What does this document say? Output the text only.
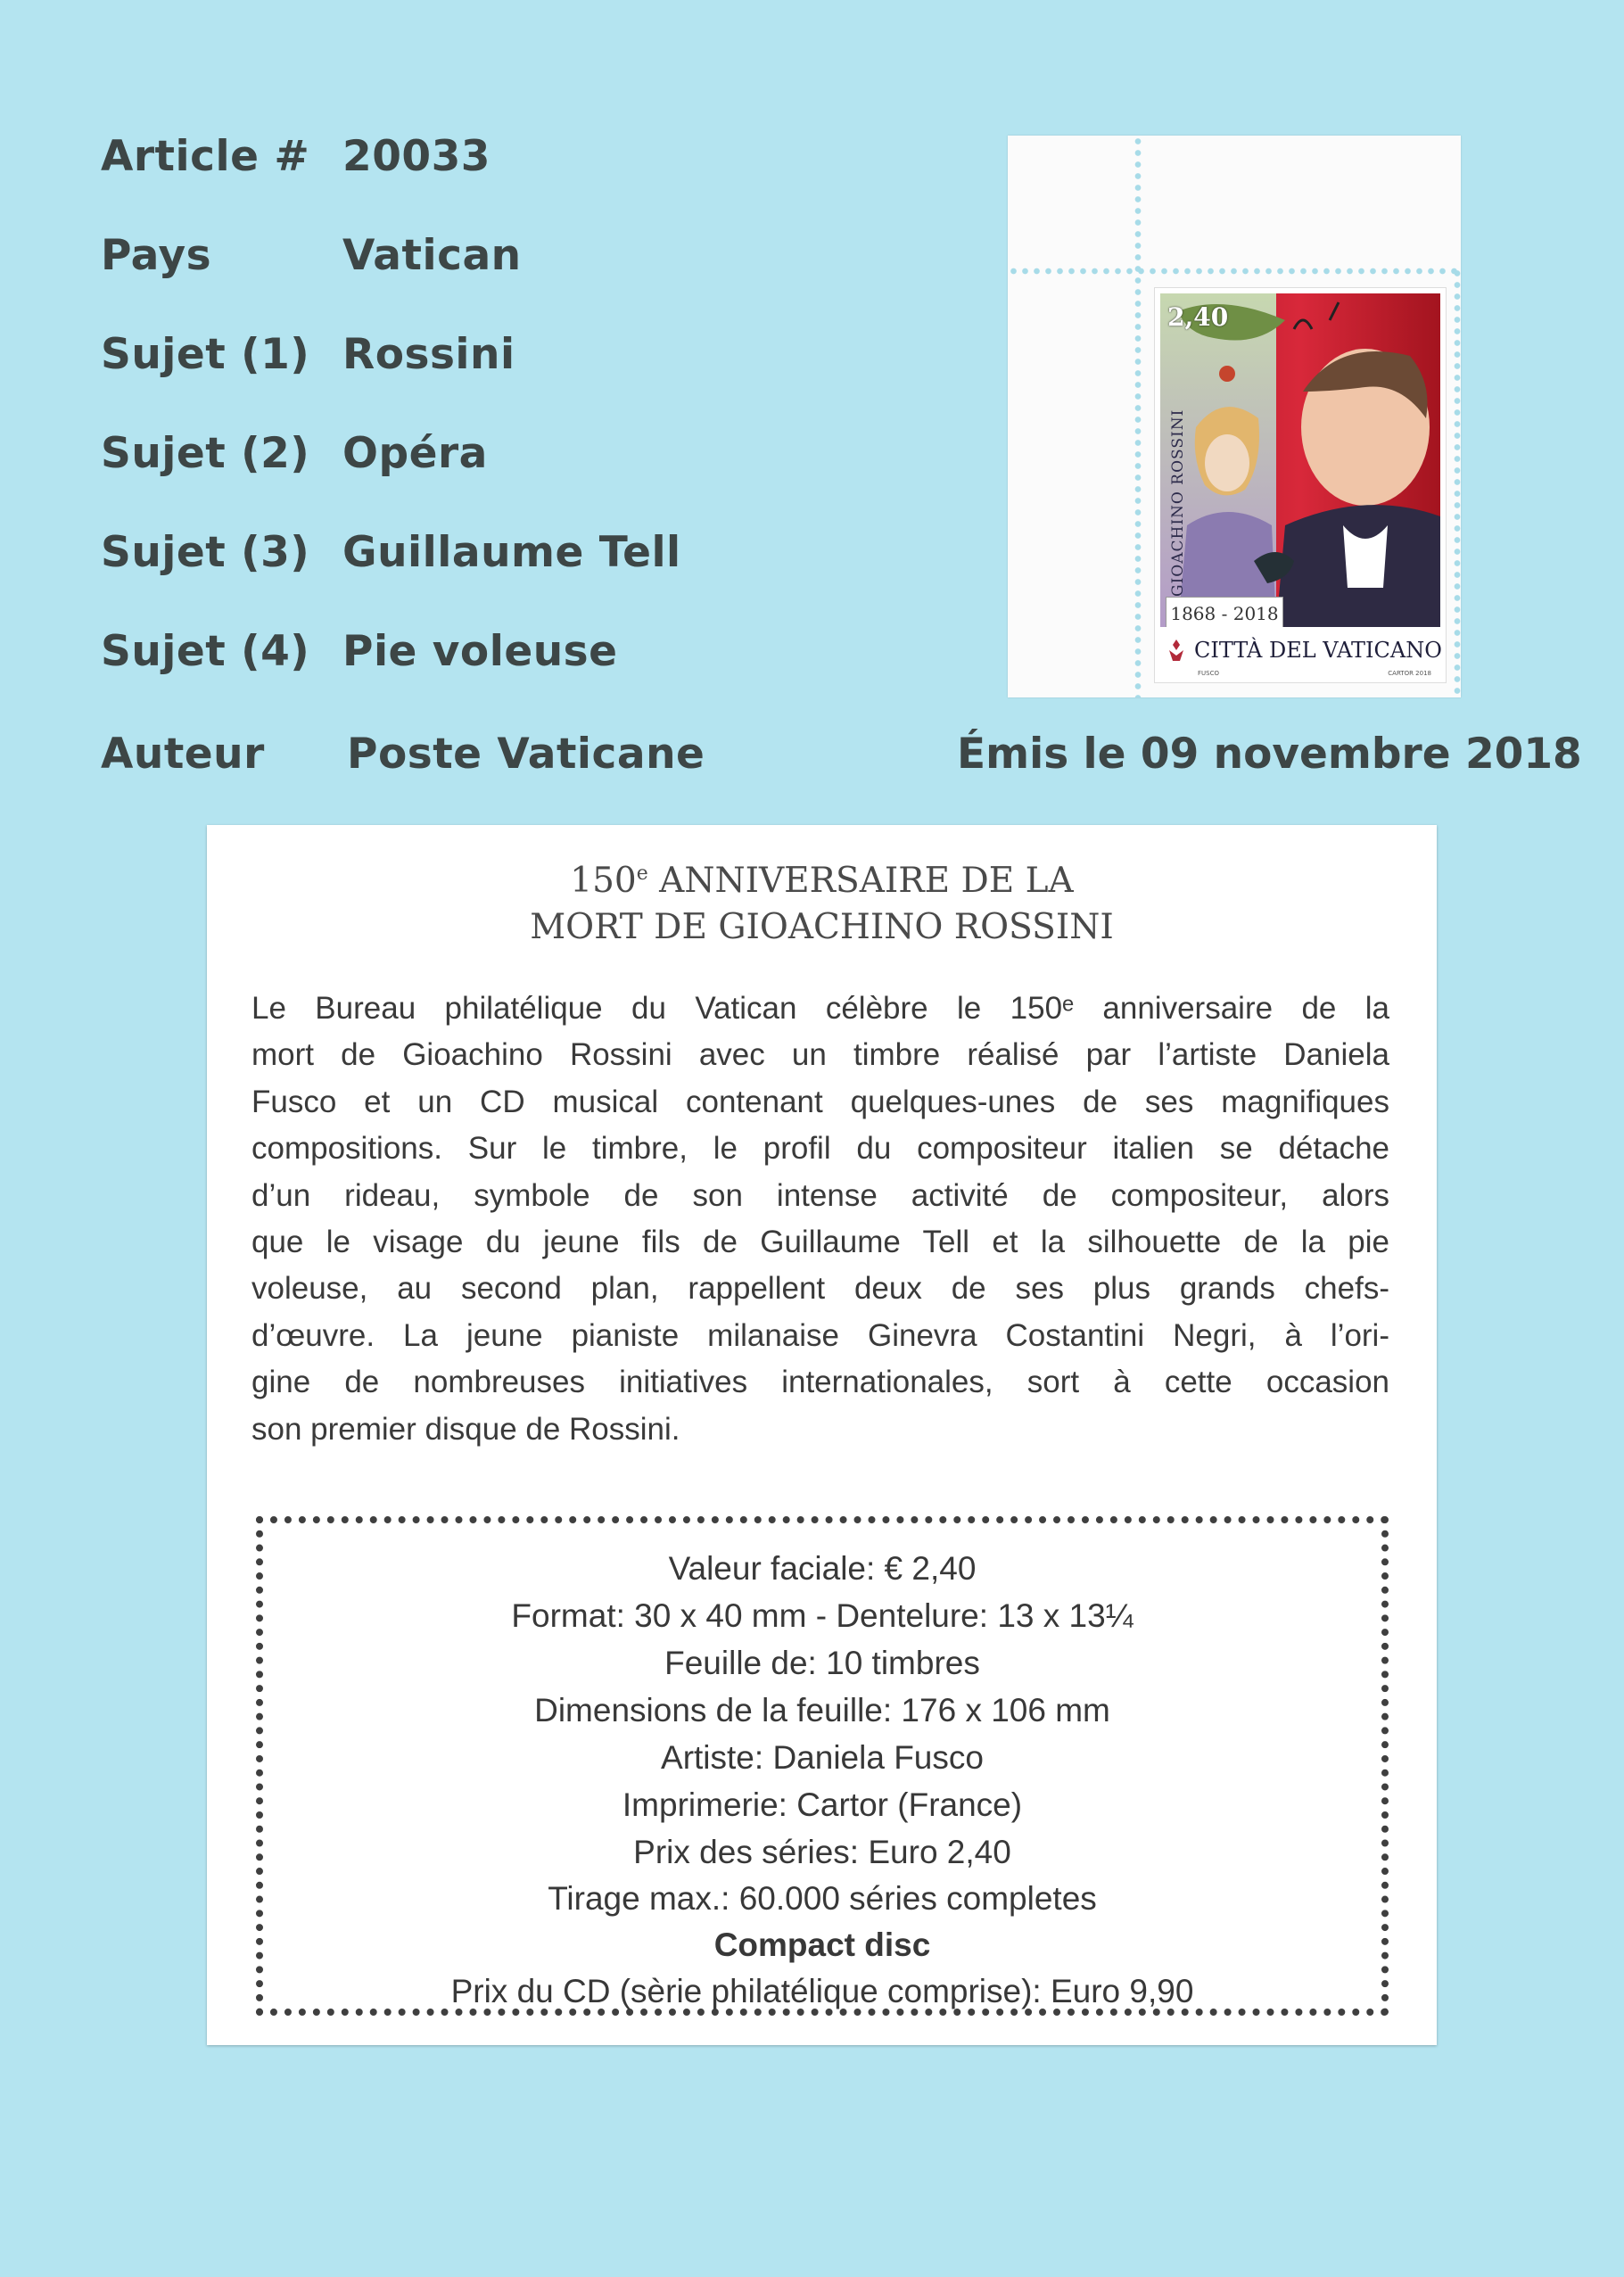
Article # 20033
Pays	Vatican
Sujet (1) Rossini
Sujet (2) Opéra
Sujet (3) Guillaume Tell
Sujet (4) Pie voleuse
Auteur Poste Vaticane	Émis le 09 novembre 2018
2,40
GIOACHINO ROSSINI
1868 - 2018
CITTÀ DEL VATICANO
FUSCO	CARTOR 2018
150e ANNIVERSAIRE DE LA
MORT DE GIOACHINO ROSSINI
Le Bureau philatélique du Vatican célèbre le 150ᵉ anniversaire de la
mort de Gioachino Rossini avec un timbre réalisé par l’artiste Daniela
Fusco et un CD musical contenant quelques-unes de ses magnifiques
compositions. Sur le timbre, le profil du compositeur italien se détache
d’un rideau, symbole de son intense activité de compositeur, alors
que le visage du jeune fils de Guillaume Tell et la silhouette de la pie
voleuse, au second plan, rappellent deux de ses plus grands chefs-
d’œuvre. La jeune pianiste milanaise Ginevra Costantini Negri, à l’ori-
gine de nombreuses initiatives internationales, sort à cette occasion
son premier disque de Rossini.
Valeur faciale: € 2,40
Format: 30 x 40 mm - Dentelure: 13 x 13¼
Feuille de: 10 timbres
Dimensions de la feuille: 176 x 106 mm
Artiste: Daniela Fusco
Imprimerie: Cartor (France)
Prix des séries: Euro 2,40
Tirage max.: 60.000 séries completes
Compact disc
Prix du CD (sèrie philatélique comprise): Euro 9,90
